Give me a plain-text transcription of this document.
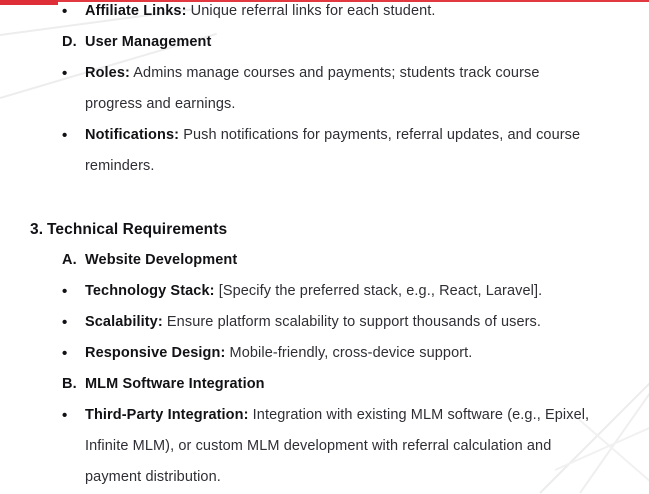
•	Affiliate Links: Unique referral links for each student.
D. User Management
•	Roles: Admins manage courses and payments; students track course
progress and earnings.
•	Notifications: Push notifications for payments, referral updates, and course
reminders.
3. Technical Requirements
A. Website Development
•	Technology Stack: [Specify the preferred stack, e.g., React, Laravel].
•	Scalability: Ensure platform scalability to support thousands of users.
•	Responsive Design: Mobile-friendly, cross-device support.
B. MLM Software Integration
•	Third-Party Integration: Integration with existing MLM software (e.g., Epixel,
Infinite MLM), or custom MLM development with referral calculation and
payment distribution.
